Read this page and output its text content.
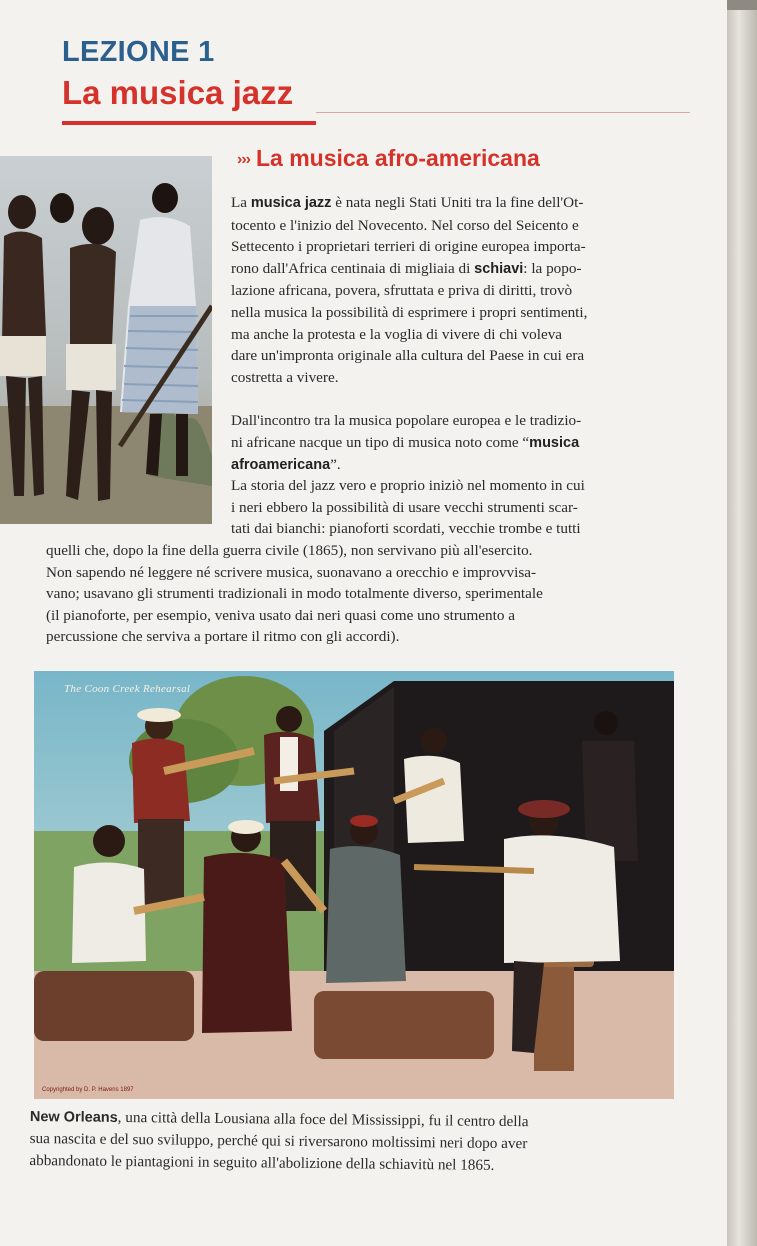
LEZIONE 1
La musica jazz
››› La musica afro-americana
La musica jazz è nata negli Stati Uniti tra la fine dell'Ot-
tocento e l'inizio del Novecento. Nel corso del Seicento e
Settecento i proprietari terrieri di origine europea importa-
rono dall'Africa centinaia di migliaia di schiavi: la popo-
lazione africana, povera, sfruttata e priva di diritti, trovò
nella musica la possibilità di esprimere i propri sentimenti,
ma anche la protesta e la voglia di vivere di chi voleva
dare un'impronta originale alla cultura del Paese in cui era
costretta a vivere.
Dall'incontro tra la musica popolare europea e le tradizio-
ni africane nacque un tipo di musica noto come “musica
afroamericana”.
La storia del jazz vero e proprio iniziò nel momento in cui
i neri ebbero la possibilità di usare vecchi strumenti scar-
tati dai bianchi: pianoforti scordati, vecchie trombe e tutti
quelli che, dopo la fine della guerra civile (1865), non servivano più all'esercito.
Non sapendo né leggere né scrivere musica, suonavano a orecchio e improvvisa-
vano; usavano gli strumenti tradizionali in modo totalmente diverso, sperimentale
(il pianoforte, per esempio, veniva usato dai neri quasi come uno strumento a
percussione che serviva a portare il ritmo con gli accordi).
The Coon Creek Rehearsal
Copyrighted by D. P. Havens 1897
New Orleans, una città della Lousiana alla foce del Mississippi, fu il centro della
sua nascita e del suo sviluppo, perché qui si riversarono moltissimi neri dopo aver
abbandonato le piantagioni in seguito all'abolizione della schiavitù nel 1865.
